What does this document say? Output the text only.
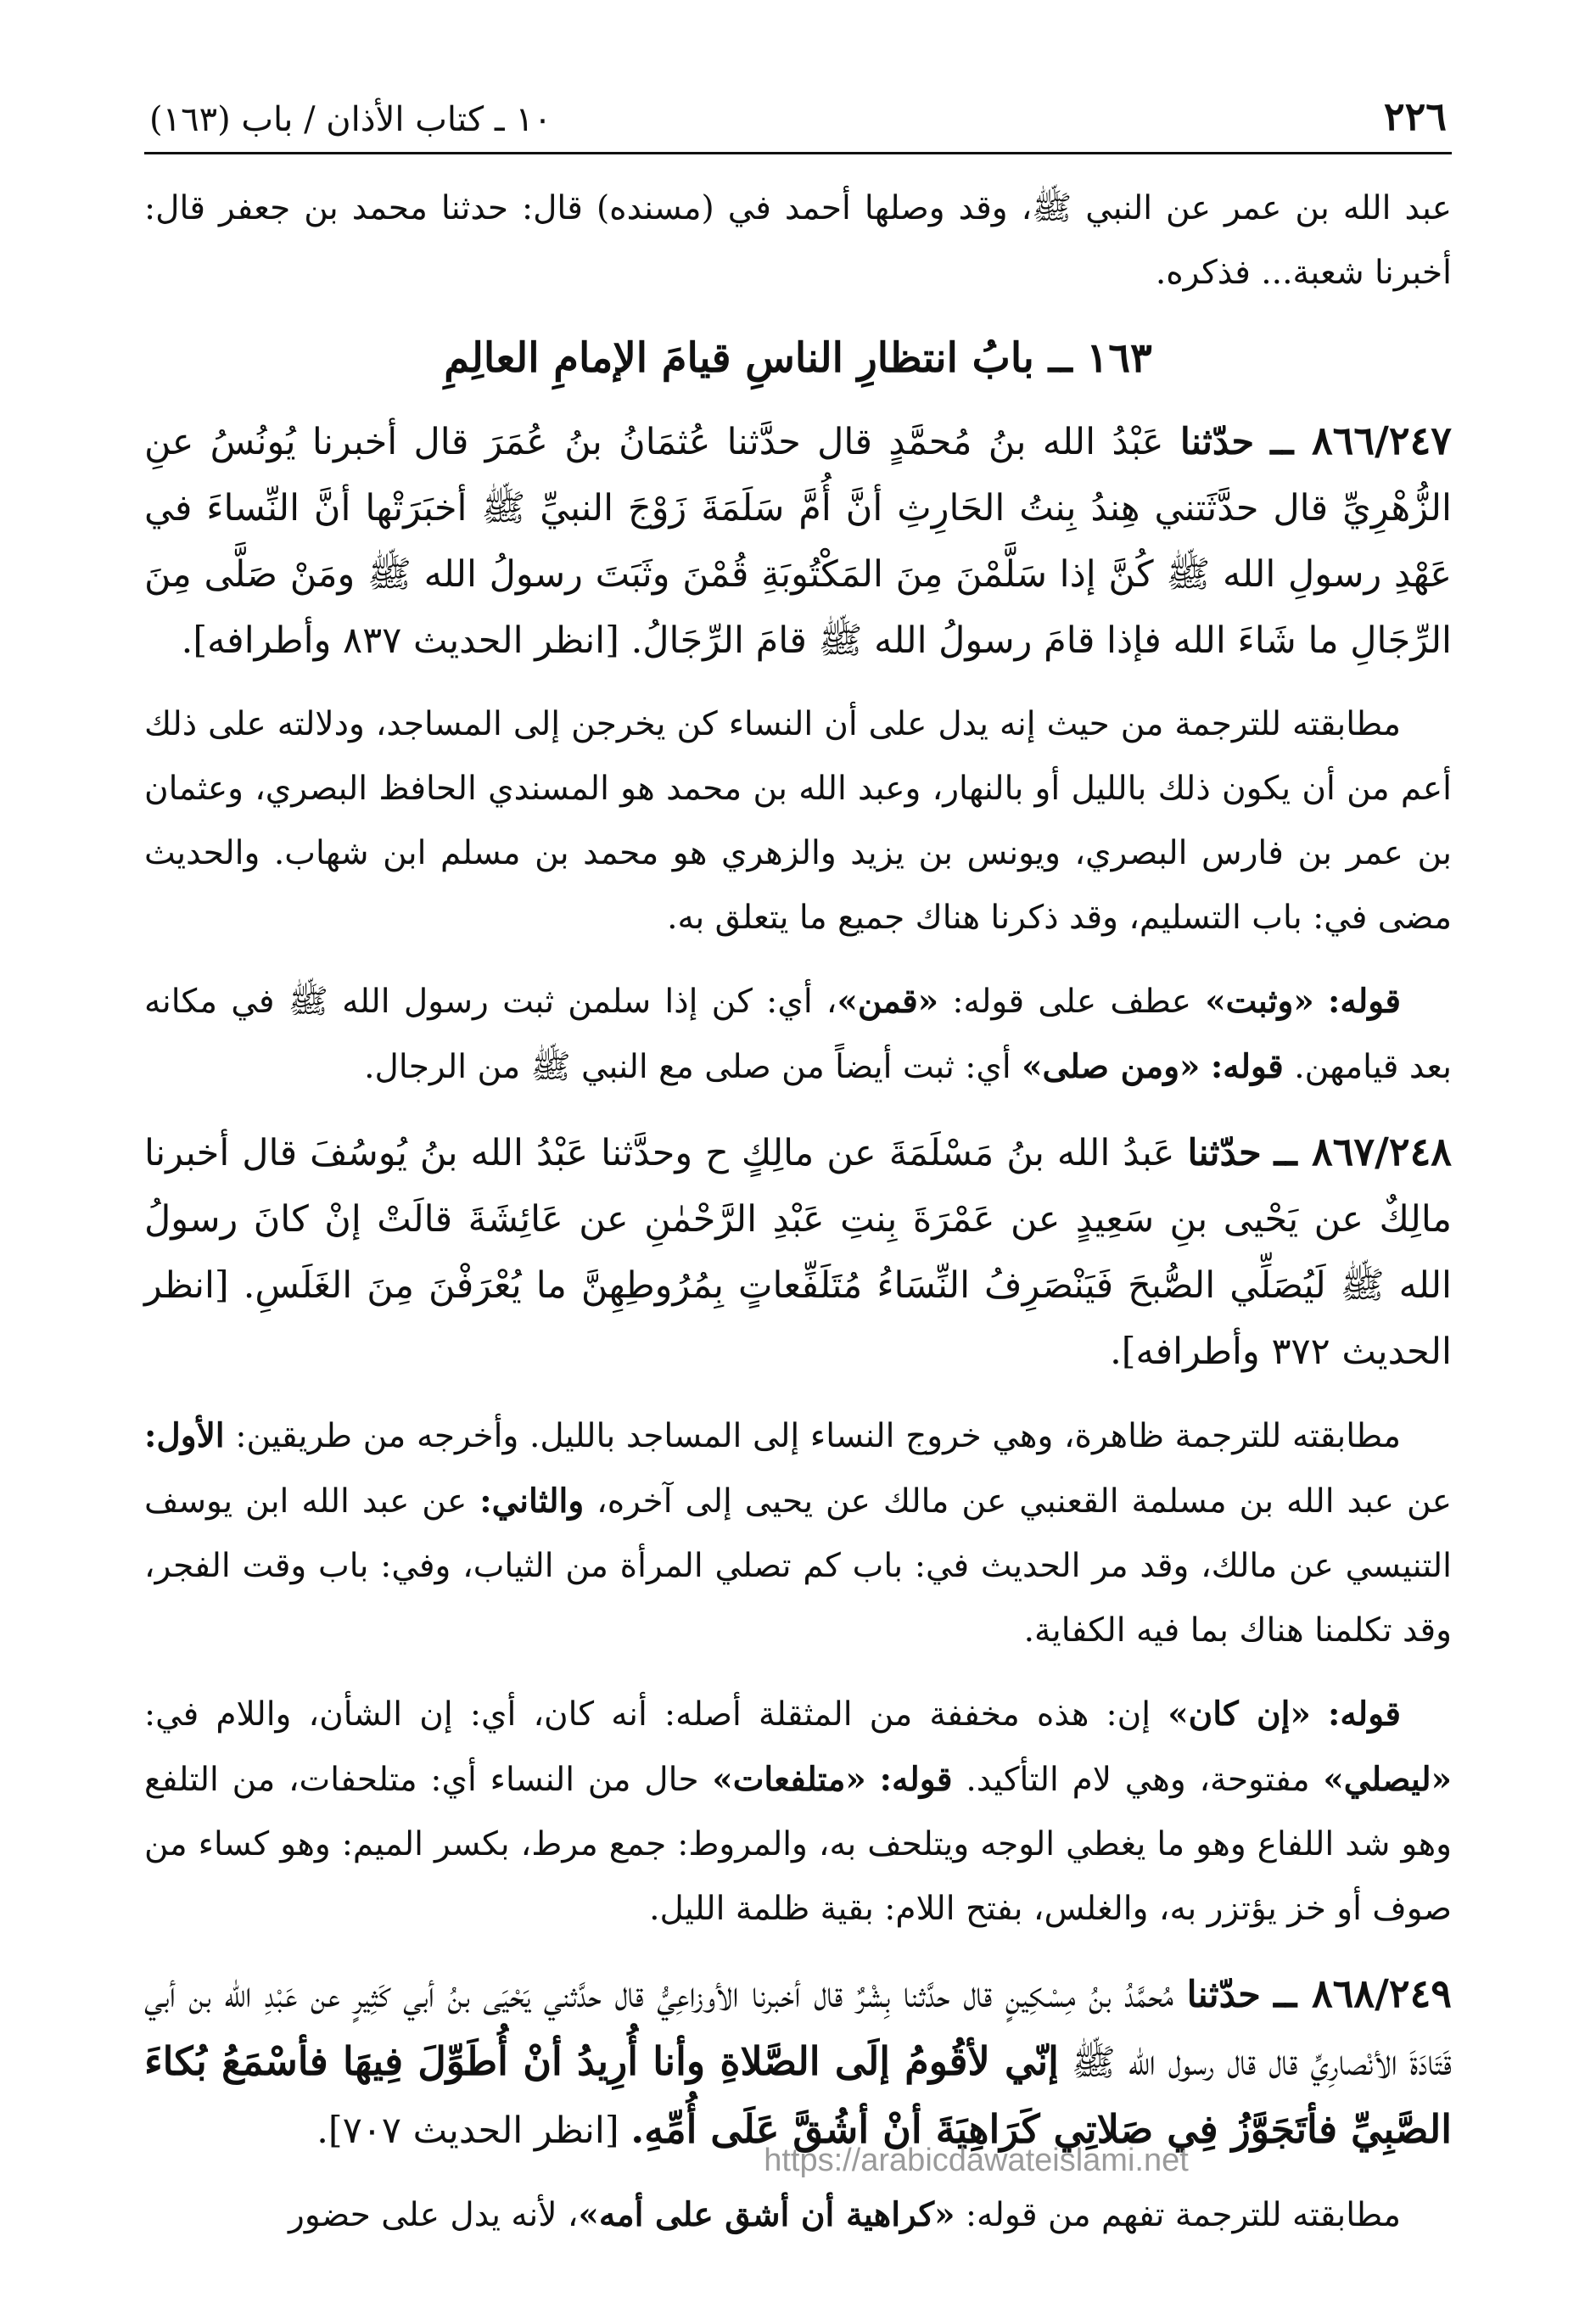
٢٢٦
١٠ ـ كتاب الأذان / باب (١٦٣)

عبد الله بن عمر عن النبي ﷺ، وقد وصلها أحمد في (مسنده) قال: حدثنا محمد بن جعفر قال: أخبرنا شعبة... فذكره.

١٦٣ ــ بابُ انتظارِ الناسِ قيامَ الإمامِ العالِمِ

٨٦٦/٢٤٧ ــ حدّثنا عَبْدُ الله بنُ مُحمَّدٍ قال حدَّثنا عُثمَانُ بنُ عُمَرَ قال أخبرنا يُونُسُ عنِ الزُّهْرِيِّ قال حدَّثَتني هِندُ بِنتُ الحَارِثِ أنَّ أُمَّ سَلَمَةَ زَوْجَ النبيِّ ﷺ أخبَرَتْها أنَّ النِّساءَ في عَهْدِ رسولِ الله ﷺ كُنَّ إذا سَلَّمْنَ مِنَ المَكْتُوبَةِ قُمْنَ وثَبَتَ رسولُ الله ﷺ ومَنْ صَلَّى مِنَ الرِّجَالِ ما شَاءَ الله فإذا قامَ رسولُ الله ﷺ قامَ الرِّجَالُ. [انظر الحديث ٨٣٧ وأطرافه].

مطابقته للترجمة من حيث إنه يدل على أن النساء كن يخرجن إلى المساجد، ودلالته على ذلك أعم من أن يكون ذلك بالليل أو بالنهار، وعبد الله بن محمد هو المسندي الحافظ البصري، وعثمان بن عمر بن فارس البصري، ويونس بن يزيد والزهري هو محمد بن مسلم ابن شهاب. والحديث مضى في: باب التسليم، وقد ذكرنا هناك جميع ما يتعلق به.

قوله: «وثبت» عطف على قوله: «قمن»، أي: كن إذا سلمن ثبت رسول الله ﷺ في مكانه بعد قيامهن. قوله: «ومن صلى» أي: ثبت أيضاً من صلى مع النبي ﷺ من الرجال.

٨٦٧/٢٤٨ ــ حدّثنا عَبدُ الله بنُ مَسْلَمَةَ عن مالِكٍ ح وحدَّثنا عَبْدُ الله بنُ يُوسُفَ قال أخبرنا مالِكٌ عن يَحْيى بنِ سَعِيدٍ عن عَمْرَةَ بِنتِ عَبْدِ الرَّحْمٰنِ عن عَائِشَةَ قالَتْ إنْ كانَ رسولُ الله ﷺ لَيُصَلِّي الصُّبحَ فَيَنْصَرِفُ النِّسَاءُ مُتَلَفِّعاتٍ بِمُرُوطِهِنَّ ما يُعْرَفْنَ مِنَ الغَلَسِ. [انظر الحديث ٣٧٢ وأطرافه].

مطابقته للترجمة ظاهرة، وهي خروج النساء إلى المساجد بالليل. وأخرجه من طريقين: الأول: عن عبد الله بن مسلمة القعنبي عن مالك عن يحيى إلى آخره، والثاني: عن عبد الله ابن يوسف التنيسي عن مالك، وقد مر الحديث في: باب كم تصلي المرأة من الثياب، وفي: باب وقت الفجر، وقد تكلمنا هناك بما فيه الكفاية.

قوله: «إن كان» إن: هذه مخففة من المثقلة أصله: أنه كان، أي: إن الشأن، واللام في: «ليصلي» مفتوحة، وهي لام التأكيد. قوله: «متلفعات» حال من النساء أي: متلحفات، من التلفع وهو شد اللفاع وهو ما يغطي الوجه ويتلحف به، والمروط: جمع مرط، بكسر الميم: وهو كساء من صوف أو خز يؤتزر به، والغلس، بفتح اللام: بقية ظلمة الليل.

٨٦٨/٢٤٩ ــ حدّثنا مُحمَّدُ بنُ مِسْكِينٍ قال حدَّثنا بِشْرٌ قال أخبرنا الأوزاعِيُّ قال حدَّثني يَحْيَى بنُ أبي كَثِيرٍ عن عَبْدِ الله بن أبي قَتَادَةَ الأنْصارِيِّ قال قال رسول الله ﷺ إنّي لأقُومُ إلَى الصَّلاةِ وأنا أُرِيدُ أنْ أُطَوِّلَ فِيهَا فأسْمَعُ بُكاءَ الصَّبِيِّ فأتَجَوَّزُ فِي صَلاتِي كَرَاهِيَةَ أنْ أشُقَّ عَلَى أُمِّهِ. [انظر الحديث ٧٠٧].

مطابقته للترجمة تفهم من قوله: «كراهية أن أشق على أمه»، لأنه يدل على حضور

https://arabicdawateislami.net
